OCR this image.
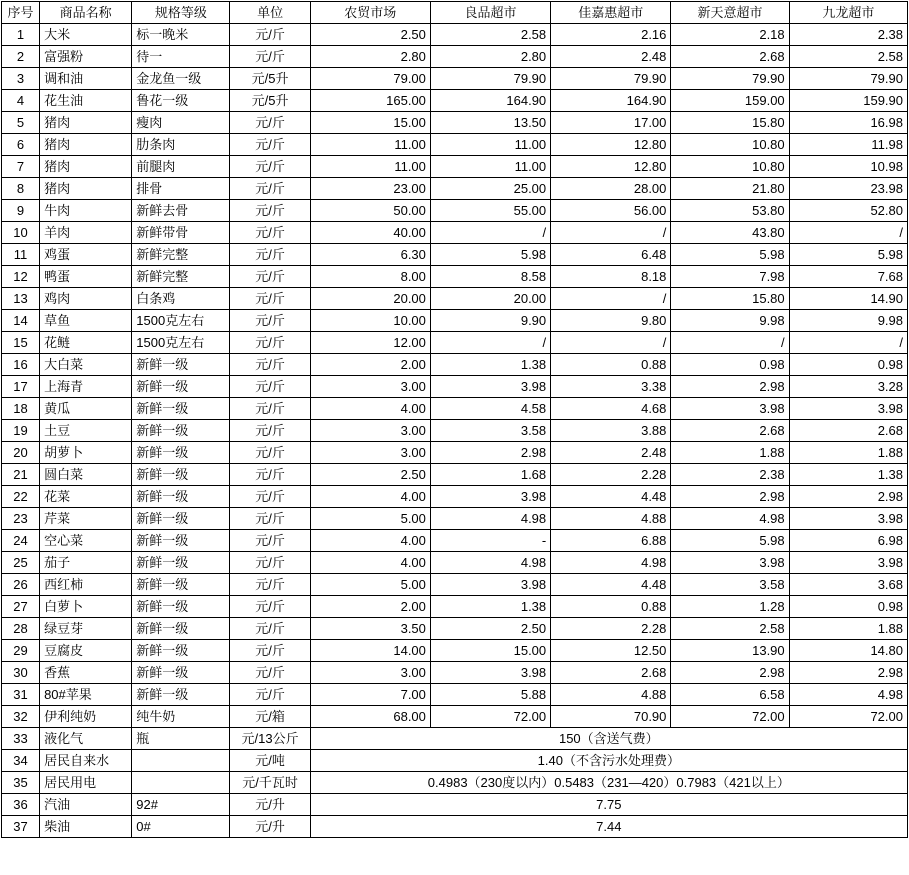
序号	商品名称	规格等级	单位	农贸市场	良品超市	佳嘉惠超市	新天意超市	九龙超市
1	大米	标一晚米	元/斤	2.50	2.58	2.16	2.18	2.38
2	富强粉	待一	元/斤	2.80	2.80	2.48	2.68	2.58
3	调和油	金龙鱼一级	元/5升	79.00	79.90	79.90	79.90	79.90
4	花生油	鲁花一级	元/5升	165.00	164.90	164.90	159.00	159.90
5	猪肉	瘦肉	元/斤	15.00	13.50	17.00	15.80	16.98
6	猪肉	肋条肉	元/斤	11.00	11.00	12.80	10.80	11.98
7	猪肉	前腿肉	元/斤	11.00	11.00	12.80	10.80	10.98
8	猪肉	排骨	元/斤	23.00	25.00	28.00	21.80	23.98
9	牛肉	新鲜去骨	元/斤	50.00	55.00	56.00	53.80	52.80
10	羊肉	新鲜带骨	元/斤	40.00	/	/	43.80	/
11	鸡蛋	新鲜完整	元/斤	6.30	5.98	6.48	5.98	5.98
12	鸭蛋	新鲜完整	元/斤	8.00	8.58	8.18	7.98	7.68
13	鸡肉	白条鸡	元/斤	20.00	20.00	/	15.80	14.90
14	草鱼	1500克左右	元/斤	10.00	9.90	9.80	9.98	9.98
15	花鲢	1500克左右	元/斤	12.00	/	/	/	/
16	大白菜	新鲜一级	元/斤	2.00	1.38	0.88	0.98	0.98
17	上海青	新鲜一级	元/斤	3.00	3.98	3.38	2.98	3.28
18	黄瓜	新鲜一级	元/斤	4.00	4.58	4.68	3.98	3.98
19	土豆	新鲜一级	元/斤	3.00	3.58	3.88	2.68	2.68
20	胡萝卜	新鲜一级	元/斤	3.00	2.98	2.48	1.88	1.88
21	圆白菜	新鲜一级	元/斤	2.50	1.68	2.28	2.38	1.38
22	花菜	新鲜一级	元/斤	4.00	3.98	4.48	2.98	2.98
23	芹菜	新鲜一级	元/斤	5.00	4.98	4.88	4.98	3.98
24	空心菜	新鲜一级	元/斤	4.00	-	6.88	5.98	6.98
25	茄子	新鲜一级	元/斤	4.00	4.98	4.98	3.98	3.98
26	西红柿	新鲜一级	元/斤	5.00	3.98	4.48	3.58	3.68
27	白萝卜	新鲜一级	元/斤	2.00	1.38	0.88	1.28	0.98
28	绿豆芽	新鲜一级	元/斤	3.50	2.50	2.28	2.58	1.88
29	豆腐皮	新鲜一级	元/斤	14.00	15.00	12.50	13.90	14.80
30	香蕉	新鲜一级	元/斤	3.00	3.98	2.68	2.98	2.98
31	80#苹果	新鲜一级	元/斤	7.00	5.88	4.88	6.58	4.98
32	伊利纯奶	纯牛奶	元/箱	68.00	72.00	70.90	72.00	72.00
33	液化气	瓶	元/13公斤	150（含送气费）				
34	居民自来水		元/吨	1.40（不含污水处理费）				
35	居民用电		元/千瓦时	0.4983（230度以内）0.5483（231—420）0.7983（421以上）				
36	汽油	92#	元/升	7.75				
37	柴油	0#	元/升	7.44				
